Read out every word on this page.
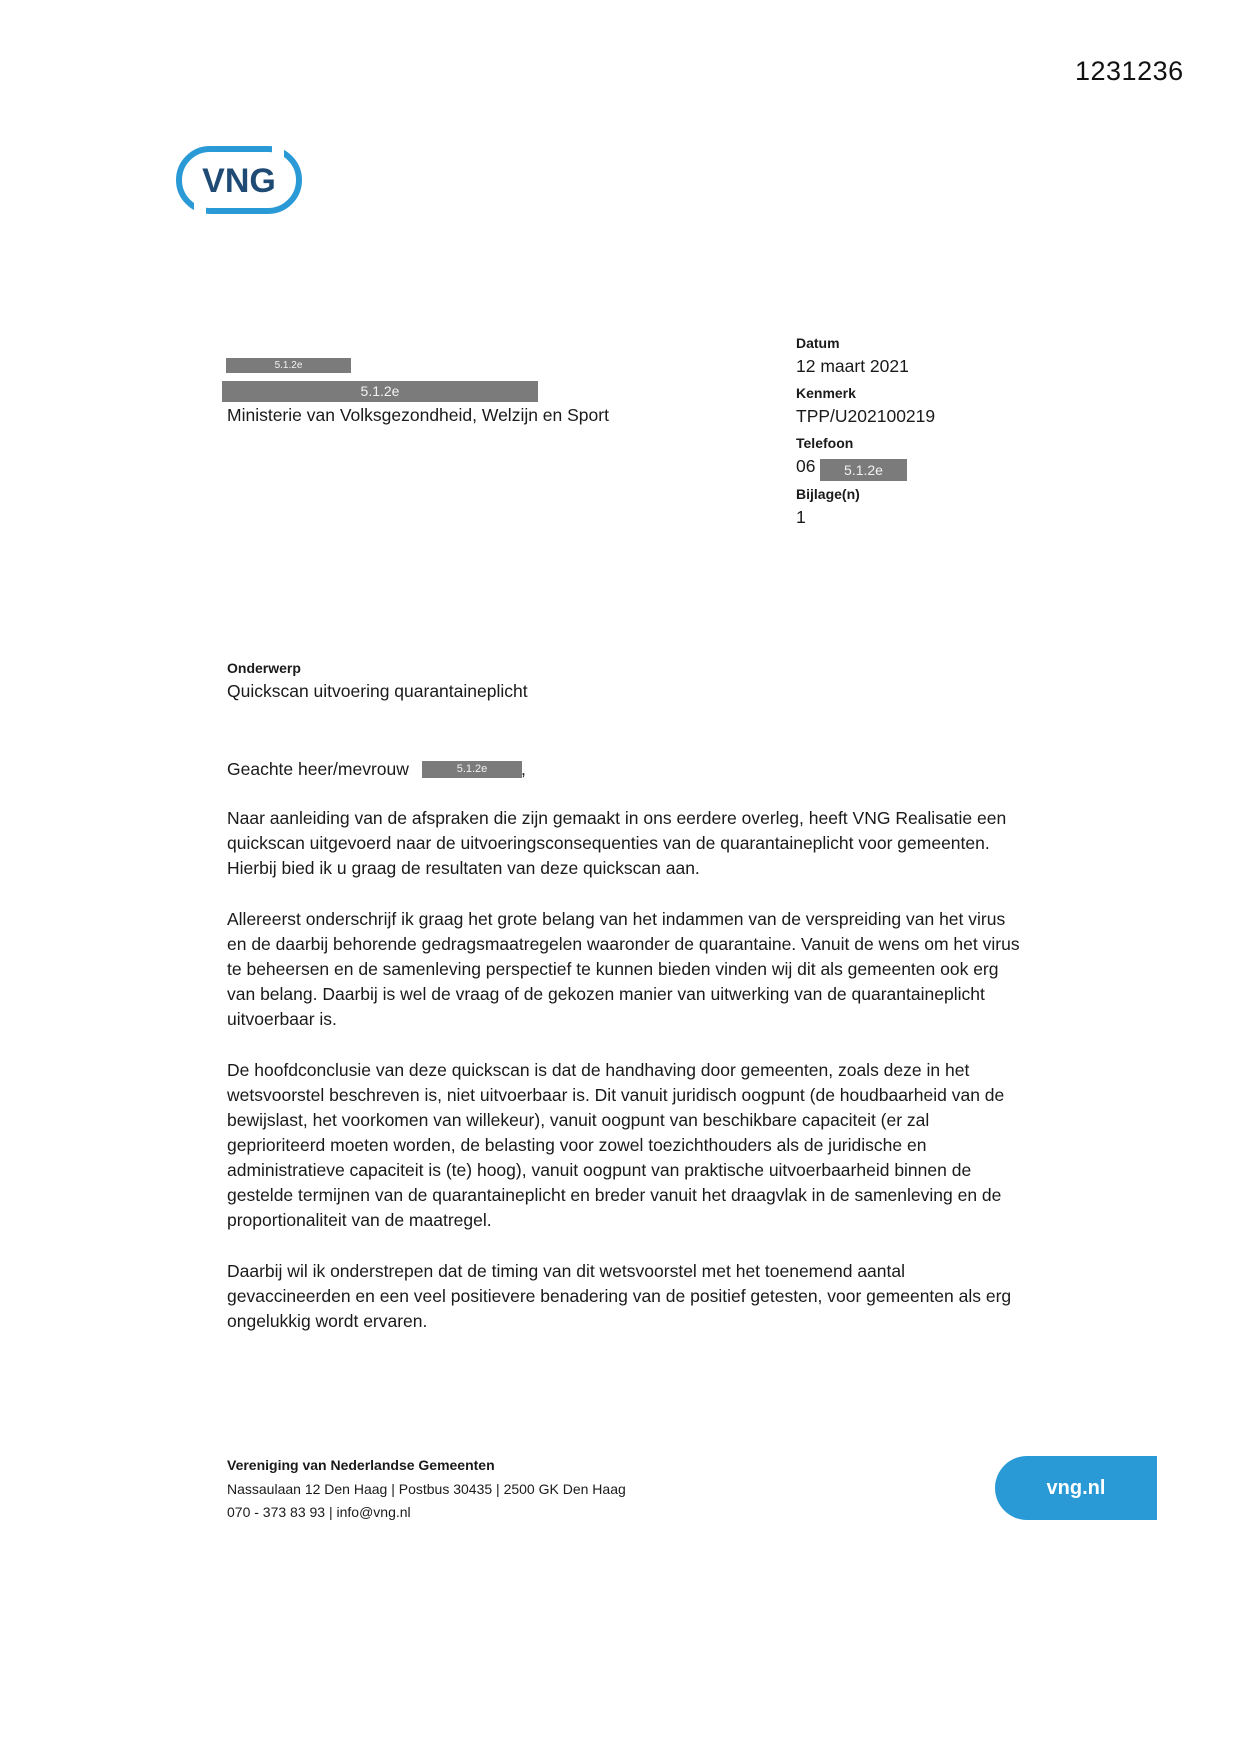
1231236
VNG
5.1.2e
5.1.2e
Ministerie van Volksgezondheid, Welzijn en Sport
Datum
12 maart 2021
Kenmerk
TPP/U202100219
Telefoon
06	5.1.2e
Bijlage(n)
1
Onderwerp
Quickscan uitvoering quarantaineplicht
Geachte heer/mevrouw	5.1.2e	,

Naar aanleiding van de afspraken die zijn gemaakt in ons eerdere overleg, heeft VNG Realisatie een quickscan uitgevoerd naar de uitvoeringsconsequenties van de quarantaineplicht voor gemeenten. Hierbij bied ik u graag de resultaten van deze quickscan aan.

Allereerst onderschrijf ik graag het grote belang van het indammen van de verspreiding van het virus en de daarbij behorende gedragsmaatregelen waaronder de quarantaine. Vanuit de wens om het virus te beheersen en de samenleving perspectief te kunnen bieden vinden wij dit als gemeenten ook erg van belang. Daarbij is wel de vraag of de gekozen manier van uitwerking van de quarantaineplicht uitvoerbaar is.

De hoofdconclusie van deze quickscan is dat de handhaving door gemeenten, zoals deze in het wetsvoorstel beschreven is, niet uitvoerbaar is. Dit vanuit juridisch oogpunt (de houdbaarheid van de bewijslast, het voorkomen van willekeur), vanuit oogpunt van beschikbare capaciteit (er zal geprioriteerd moeten worden, de belasting voor zowel toezichthouders als de juridische en administratieve capaciteit is (te) hoog), vanuit oogpunt van praktische uitvoerbaarheid binnen de gestelde termijnen van de quarantaineplicht en breder vanuit het draagvlak in de samenleving en de proportionaliteit van de maatregel.

Daarbij wil ik onderstrepen dat de timing van dit wetsvoorstel met het toenemend aantal gevaccineerden en een veel positievere benadering van de positief getesten, voor gemeenten als erg ongelukkig wordt ervaren.

Vereniging van Nederlandse Gemeenten
Nassaulaan 12 Den Haag | Postbus 30435 | 2500 GK Den Haag
070 - 373 83 93 | info@vng.nl
vng.nl
